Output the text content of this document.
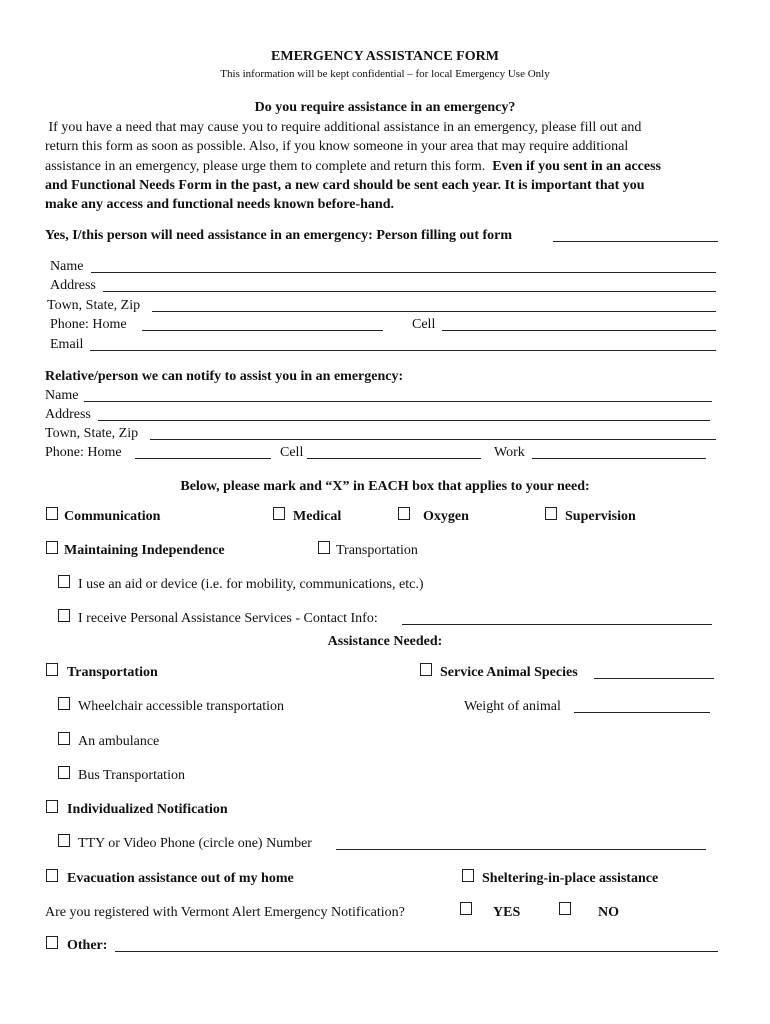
EMERGENCY ASSISTANCE FORM
This information will be kept confidential – for local Emergency Use Only
Do you require assistance in an emergency?

If you have a need that may cause you to require additional assistance in an emergency, please fill out and

return this form as soon as possible. Also, if you know someone in your area that may require additional

assistance in an emergency, please urge them to complete and return this form.  Even if you sent in an access

and Functional Needs Form in the past, a new card should be sent each year. It is important that you

make any access and functional needs known before-hand.

Yes, I/this person will need assistance in an emergency: Person filling out form
Name
Address
Town, State, Zip
Phone: Home	Cell
Email
Relative/person we can notify to assist you in an emergency:
Name
Address
Town, State, Zip
Phone: Home	Cell	Work
Below, please mark and “X” in EACH box that applies to your need:
Communication	Medical	Oxygen	Supervision
Maintaining Independence	Transportation
I use an aid or device (i.e. for mobility, communications, etc.)
I receive Personal Assistance Services - Contact Info:
Assistance Needed:
Transportation	Service Animal Species
Wheelchair accessible transportation	Weight of animal
An ambulance
Bus Transportation
Individualized Notification
TTY or Video Phone (circle one) Number
Evacuation assistance out of my home	Sheltering-in-place assistance
Are you registered with Vermont Alert Emergency Notification?	YES	NO
Other:
